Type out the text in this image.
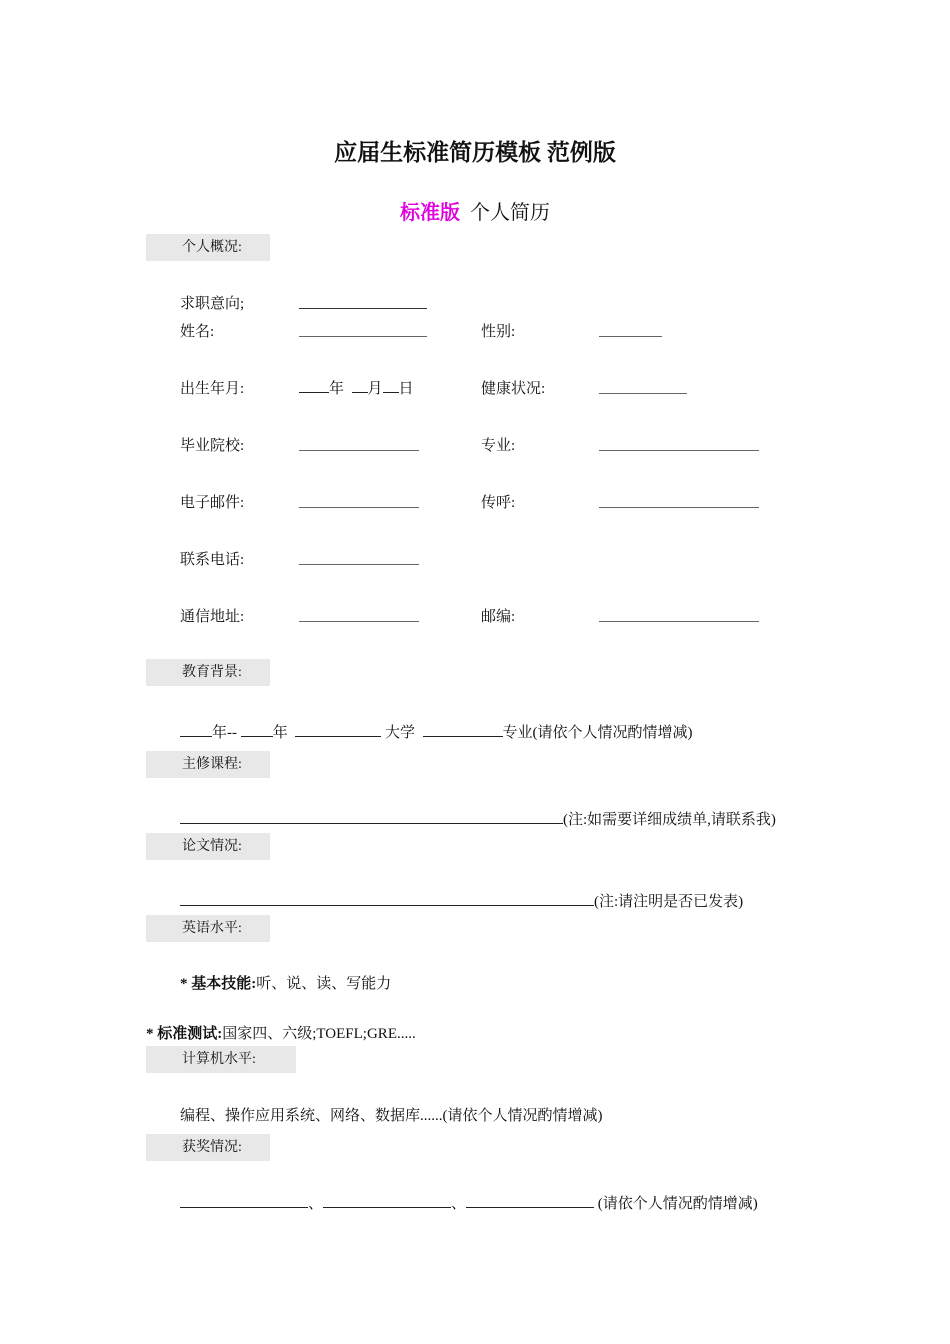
应届生标准简历模板 范例版
标准版 个人简历
个人概况:
求职意向;
姓名:	性别:
出生年月:	年 月 日	健康状况:
毕业院校:	专业:
电子邮件:	传呼:
联系电话:
通信地址:	邮编:
教育背景:
年-- 年	大学	专业(请依个人情况酌情增减)
主修课程:
(注:如需要详细成绩单,请联系我)
论文情况:
(注:请注明是否已发表)
英语水平:
* 基本技能:听、说、读、写能力
* 标准测试:国家四、六级;TOEFL;GRE.....
计算机水平:
编程、操作应用系统、网络、数据库......(请依个人情况酌情增减)
获奖情况:
、	、	(请依个人情况酌情增减)
